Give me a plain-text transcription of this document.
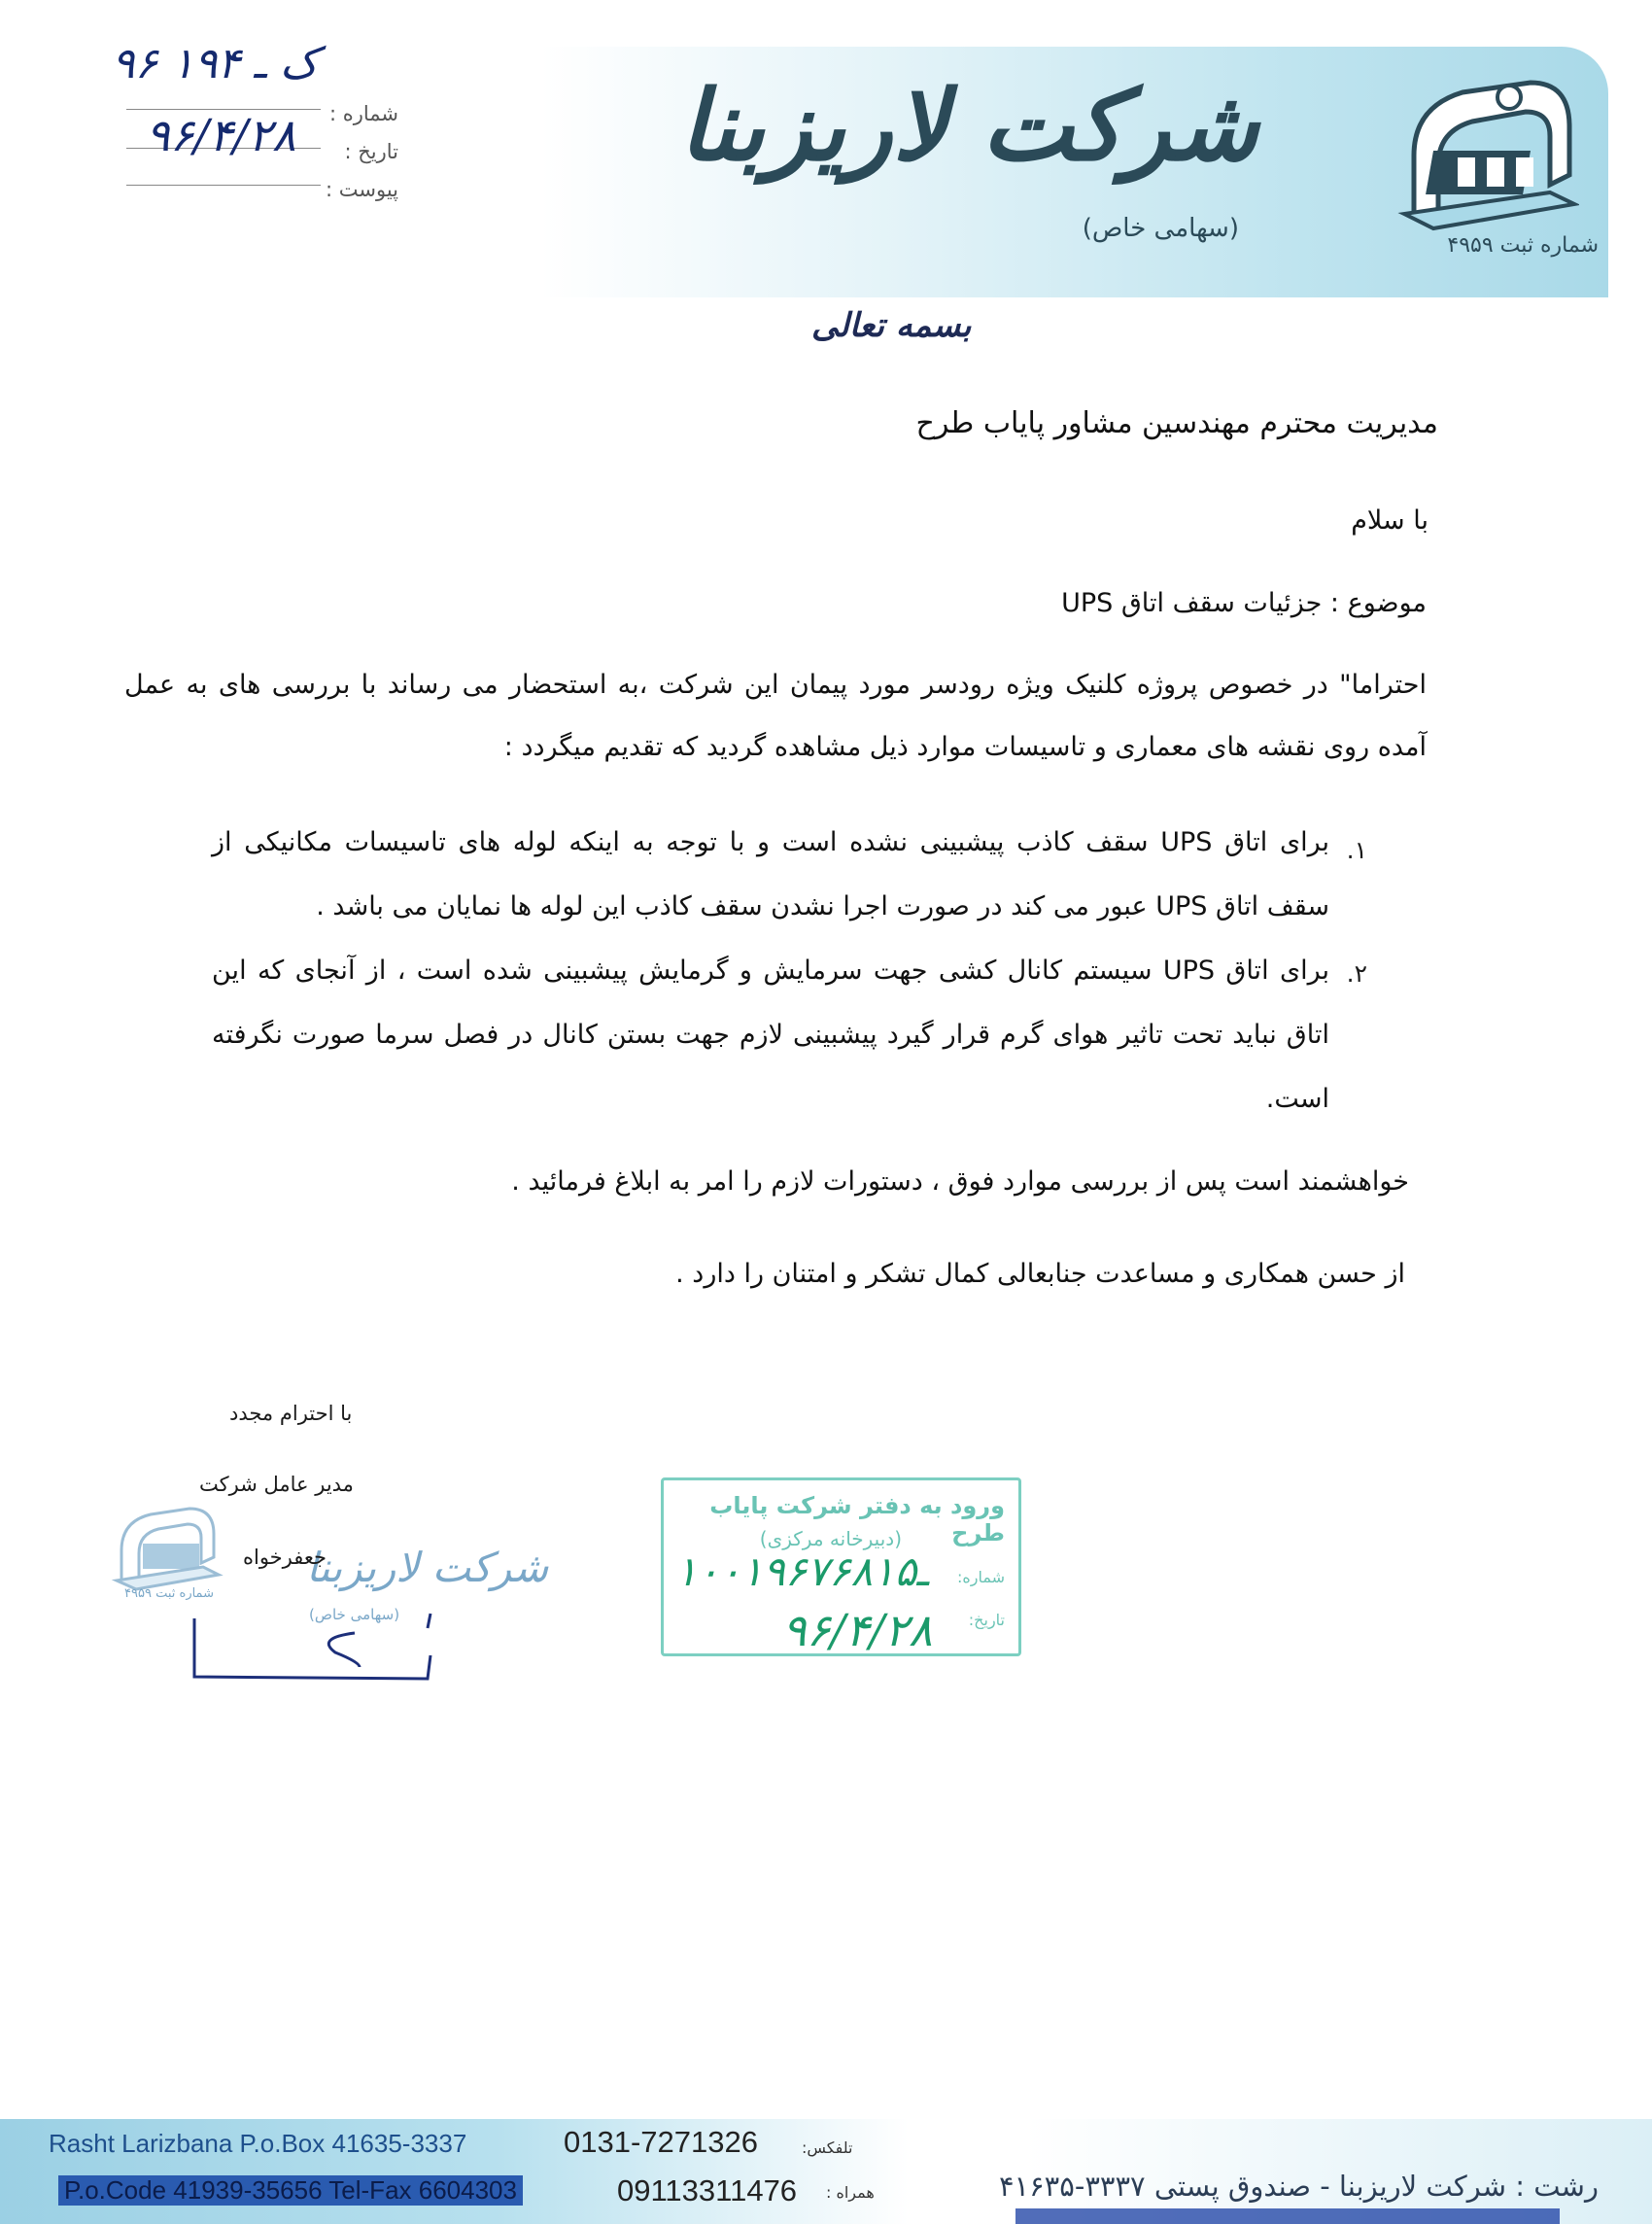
شرکت لاریزبنا
(سهامی خاص)
شماره ثبت ۴۹۵۹
شماره :
تاریخ :
پیوست :
۹۶ ک ـ ۱۹۴
۹۶/۴/۲۸
بسمه تعالی
مدیریت محترم مهندسین مشاور پایاب طرح
با سلام
موضوع : جزئیات سقف اتاق UPS
احتراما" در خصوص پروژه کلنیک ویژه رودسر مورد پیمان این شرکت ،به استحضار می رساند با بررسی های به عمل آمده روی نقشه های معماری و تاسیسات موارد ذیل مشاهده گردید که تقدیم میگردد :
.۱
برای اتاق UPS سقف کاذب پیشبینی نشده است و با توجه به اینکه لوله های تاسیسات مکانیکی از سقف اتاق UPS عبور می کند در صورت اجرا نشدن سقف کاذب این لوله ها نمایان می باشد .
.۲
برای اتاق UPS سیستم کانال کشی جهت سرمایش و گرمایش پیشبینی شده است ، از آنجای که این اتاق نباید تحت تاثیر هوای گرم قرار گیرد پیشبینی لازم جهت بستن کانال در فصل سرما صورت نگرفته است.
خواهشمند است پس از بررسی موارد فوق ، دستورات لازم را امر به ابلاغ فرمائید .
از حسن همکاری و مساعدت جنابعالی کمال تشکر و امتنان را دارد .
با احترام مجدد
مدیر عامل شرکت
شرکت لاریزبنا
(سهامی خاص)
شماره ثبت ۴۹۵۹
جعفرخواه
ورود به دفتر شرکت پایاب طرح
(دبیرخانه مرکزی)
شماره:
تاریخ:
۱۰۰۱۹۶ـ۷۶۸۱۵
۹۶/۴/۲۸
Rasht Larizbana P.o.Box 41635-3337
P.o.Code 41939-35656 Tel-Fax 6604303
0131-7271326	تلفکس:
09113311476 همراه :	رشت : شرکت لاریزبنا - صندوق پستی ۳۳۳۷-۴۱۶۳۵
